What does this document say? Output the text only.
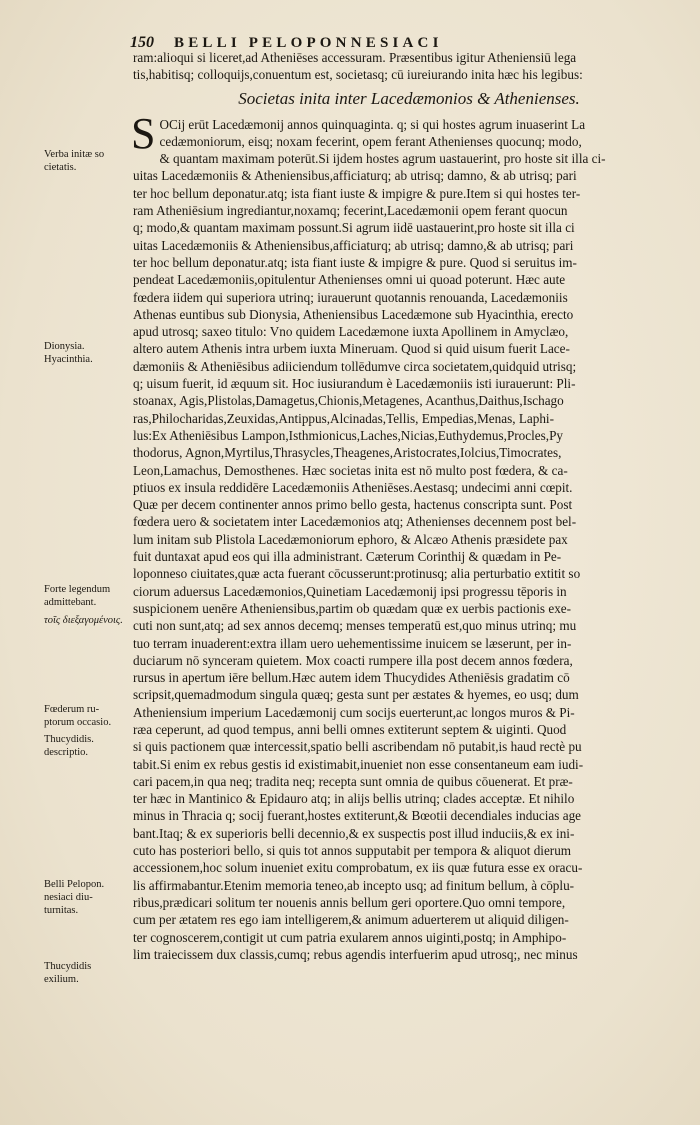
150 BELLI PELOPONNESIACI
ram:alioqui si liceret,ad Atheniēses accessuram. Præsentibus igitur Atheniensiū lega
tis,habitisq; colloquijs,conuentum est, societasq; cū iureiurando inita hæc his legibus:
Societas inita inter Lacedæmonios & Athenienses.
S OCij erūt Lacedæmonij annos quinquaginta. q; si qui hostes agrum inuaserint La
cedæmoniorum, eisq; noxam fecerint, opem ferant Athenienses quocunq; modo,
& quantam maximam poterūt.Si ijdem hostes agrum uastauerint, pro hoste sit illa ci-
uitas Lacedæmoniis & Atheniensibus,afficiaturq; ab utrisq; damno, & ab utrisq; pari
ter hoc bellum deponatur.atq; ista fiant iuste & impigre & pure.Item si qui hostes ter-
ram Atheniēsium ingrediantur,noxamq; fecerint,Lacedæmonii opem ferant quocun
q; modo,& quantam maximam possunt.Si agrum iidē uastauerint,pro hoste sit illa ci
uitas Lacedæmoniis & Atheniensibus,afficiaturq; ab utrisq; damno,& ab utrisq; pari
ter hoc bellum deponatur.atq; ista fiant iuste & impigre & pure. Quod si seruitus im-
pendeat Lacedæmoniis,opitulentur Athenienses omni ui quoad poterunt. Hæc aute
fœdera iidem qui superiora utrinq; iurauerunt quotannis renouanda, Lacedæmoniis
Athenas euntibus sub Dionysia, Atheniensibus Lacedæmone sub Hyacinthia, erecto
apud utrosq; saxeo titulo: Vno quidem Lacedæmone iuxta Apollinem in Amyclæo,
altero autem Athenis intra urbem iuxta Mineruam. Quod si quid uisum fuerit Lace-
dæmoniis & Atheniēsibus adiiciendum tollēdumve circa societatem,quidquid utrisq;
q; uisum fuerit, id æquum sit. Hoc iusiurandum è Lacedæmoniis isti iurauerunt: Pli-
stoanax, Agis,Plistolas,Damagetus,Chionis,Metagenes, Acanthus,Daithus,Ischago
ras,Philocharidas,Zeuxidas,Antippus,Alcinadas,Tellis, Empedias,Menas, Laphi-
lus:Ex Atheniēsibus Lampon,Isthmionicus,Laches,Nicias,Euthydemus,Procles,Py
thodorus, Agnon,Myrtilus,Thrasycles,Theagenes,Aristocrates,Iolcius,Timocrates,
Leon,Lamachus, Demosthenes. Hæc societas inita est nō multo post fœdera, & ca-
ptiuos ex insula reddidēre Lacedæmoniis Atheniēses.Aestasq; undecimi anni cœpit.
Quæ per decem continenter annos primo bello gesta, hactenus conscripta sunt. Post
fœdera uero & societatem inter Lacedæmonios atq; Athenienses decennem post bel-
lum initam sub Plistola Lacedæmoniorum ephoro, & Alcæo Athenis præsidete pax
fuit duntaxat apud eos qui illa administrant. Cæterum Corinthij & quædam in Pe-
loponneso ciuitates,quæ acta fuerant cōcusserunt:protinusq; alia perturbatio extitit so
ciorum aduersus Lacedæmonios,Quinetiam Lacedæmonij ipsi progressu tēporis in
suspicionem uenēre Atheniensibus,partim ob quædam quæ ex uerbis pactionis exe-
cuti non sunt,atq; ad sex annos decemq; menses temperatū est,quo minus utrinq; mu
tuo terram inuaderent:extra illam uero uehementissime inuicem se læserunt, per in-
duciarum nō synceram quietem. Mox coacti rumpere illa post decem annos fœdera,
rursus in apertum iēre bellum.Hæc autem idem Thucydides Atheniēsis gradatim cō
scripsit,quemadmodum singula quæq; gesta sunt per æstates & hyemes, eo usq; dum
Atheniensium imperium Lacedæmonij cum socijs euerterunt,ac longos muros & Pi-
ræa ceperunt, ad quod tempus, anni belli omnes extiterunt septem & uiginti. Quod
si quis pactionem quæ intercessit,spatio belli ascribendam nō putabit,is haud rectè pu
tabit.Si enim ex rebus gestis id existimabit,inueniet non esse consentaneum eam iudi-
cari pacem,in qua neq; tradita neq; recepta sunt omnia de quibus cōuenerat. Et præ-
ter hæc in Mantinico & Epidauro atq; in alijs bellis utrinq; clades acceptæ. Et nihilo
minus in Thracia q; socij fuerant,hostes extiterunt,& Bœotii decendiales inducias age
bant.Itaq; & ex superioris belli decennio,& ex suspectis post illud induciis,& ex ini-
cuto has posteriori bello, si quis tot annos supputabit per tempora & aliquot dierum
accessionem,hoc solum inueniet exitu comprobatum, ex iis quæ futura esse ex oracu-
lis affirmabantur.Etenim memoria teneo,ab incepto usq; ad finitum bellum, à cōplu-
ribus,prædicari solitum ter nouenis annis bellum geri oportere.Quo omni tempore,
cum per ætatem res ego iam intelligerem,& animum aduerterem ut aliquid diligen-
ter cognoscerem,contigit ut cum patria exularem annos uiginti,postq; in Amphipo-
lim traiecissem dux classis,cumq; rebus agendis interfuerim apud utrosq;, nec minus
Verba initæ so
cietatis.
Dionysia.
Hyacinthia.
Forte legendum
admittebant.
τοῖς διεξαγομένοις.
Fœderum ru-
ptorum occasio.
Thucydidis.
descriptio.
Belli Pelopon.
nesiaci diu-
turnitas.
Thucydidis
exilium.
